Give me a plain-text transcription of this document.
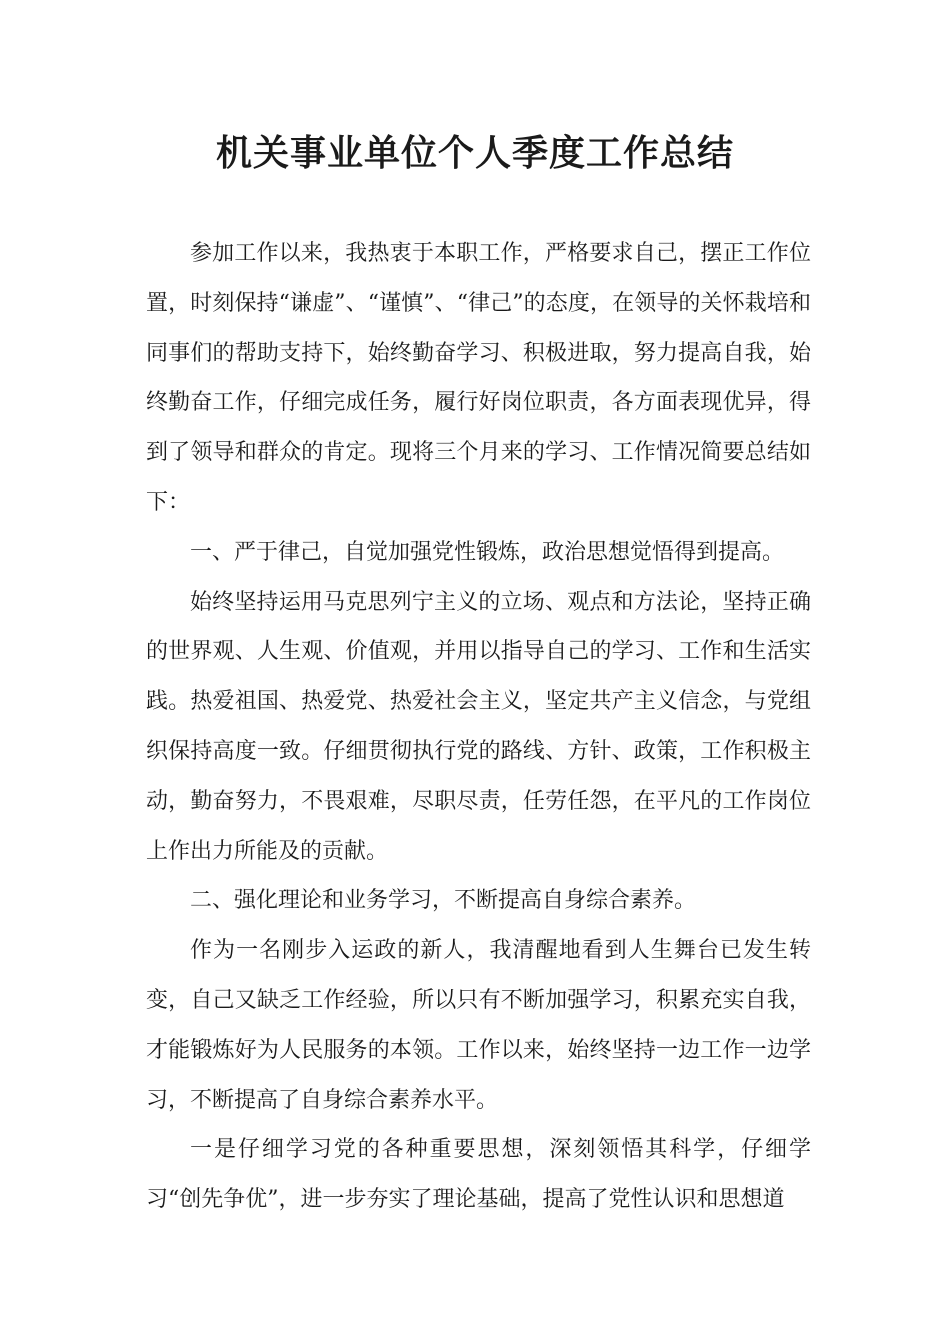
机关事业单位个人季度工作总结

参加工作以来，我热衷于本职工作，严格要求自己，摆正工作位置，时刻保持“谦虚”、“谨慎”、“律己”的态度，在领导的关怀栽培和同事们的帮助支持下，始终勤奋学习、积极进取，努力提高自我，始终勤奋工作，仔细完成任务，履行好岗位职责，各方面表现优异，得到了领导和群众的肯定。现将三个月来的学习、工作情况简要总结如下：

一、严于律己，自觉加强党性锻炼，政治思想觉悟得到提高。

始终坚持运用马克思列宁主义的立场、观点和方法论，坚持正确的世界观、人生观、价值观，并用以指导自己的学习、工作和生活实践。热爱祖国、热爱党、热爱社会主义，坚定共产主义信念，与党组织保持高度一致。仔细贯彻执行党的路线、方针、政策，工作积极主动，勤奋努力，不畏艰难，尽职尽责，任劳任怨，在平凡的工作岗位上作出力所能及的贡献。

二、强化理论和业务学习，不断提高自身综合素养。

作为一名刚步入运政的新人，我清醒地看到人生舞台已发生转变，自己又缺乏工作经验，所以只有不断加强学习，积累充实自我，才能锻炼好为人民服务的本领。工作以来，始终坚持一边工作一边学习，不断提高了自身综合素养水平。

一是仔细学习党的各种重要思想，深刻领悟其科学，仔细学习“创先争优”，进一步夯实了理论基础，提高了党性认识和思想道
